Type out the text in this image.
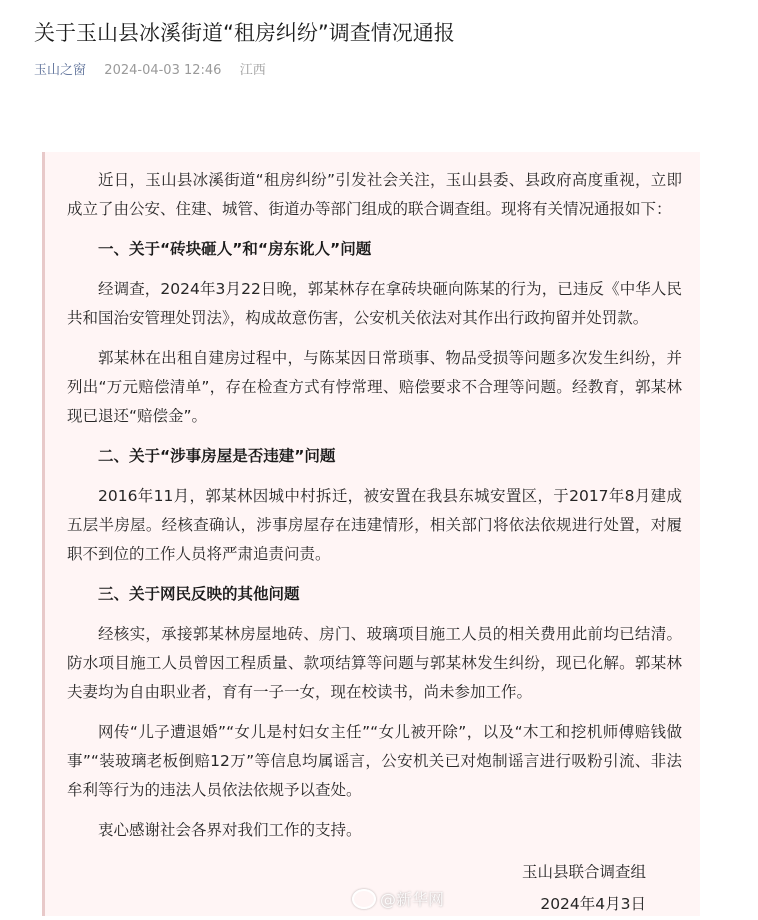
关于玉山县冰溪街道“租房纠纷”调查情况通报
玉山之窗 2024-04-03 12:46 江西

近日，玉山县冰溪街道“租房纠纷”引发社会关注，玉山县委、县政府高度重视，立即成立了由公安、住建、城管、街道办等部门组成的联合调查组。现将有关情况通报如下：

一、关于“砖块砸人”和“房东讹人”问题

经调查，2024年3月22日晚，郭某林存在拿砖块砸向陈某的行为，已违反《中华人民共和国治安管理处罚法》，构成故意伤害，公安机关依法对其作出行政拘留并处罚款。

郭某林在出租自建房过程中，与陈某因日常琐事、物品受损等问题多次发生纠纷，并列出“万元赔偿清单”，存在检查方式有悖常理、赔偿要求不合理等问题。经教育，郭某林现已退还“赔偿金”。

二、关于“涉事房屋是否违建”问题

2016年11月，郭某林因城中村拆迁，被安置在我县东城安置区，于2017年8月建成五层半房屋。经核查确认，涉事房屋存在违建情形，相关部门将依法依规进行处置，对履职不到位的工作人员将严肃追责问责。

三、关于网民反映的其他问题

经核实，承接郭某林房屋地砖、房门、玻璃项目施工人员的相关费用此前均已结清。防水项目施工人员曾因工程质量、款项结算等问题与郭某林发生纠纷，现已化解。郭某林夫妻均为自由职业者，育有一子一女，现在校读书，尚未参加工作。

网传“儿子遭退婚”“女儿是村妇女主任”“女儿被开除”，以及“木工和挖机师傅赔钱做事”“装玻璃老板倒赔12万”等信息均属谣言，公安机关已对炮制谣言进行吸粉引流、非法牟利等行为的违法人员依法依规予以查处。

衷心感谢社会各界对我们工作的支持。

玉山县联合调查组
2024年4月3日
@新华网
